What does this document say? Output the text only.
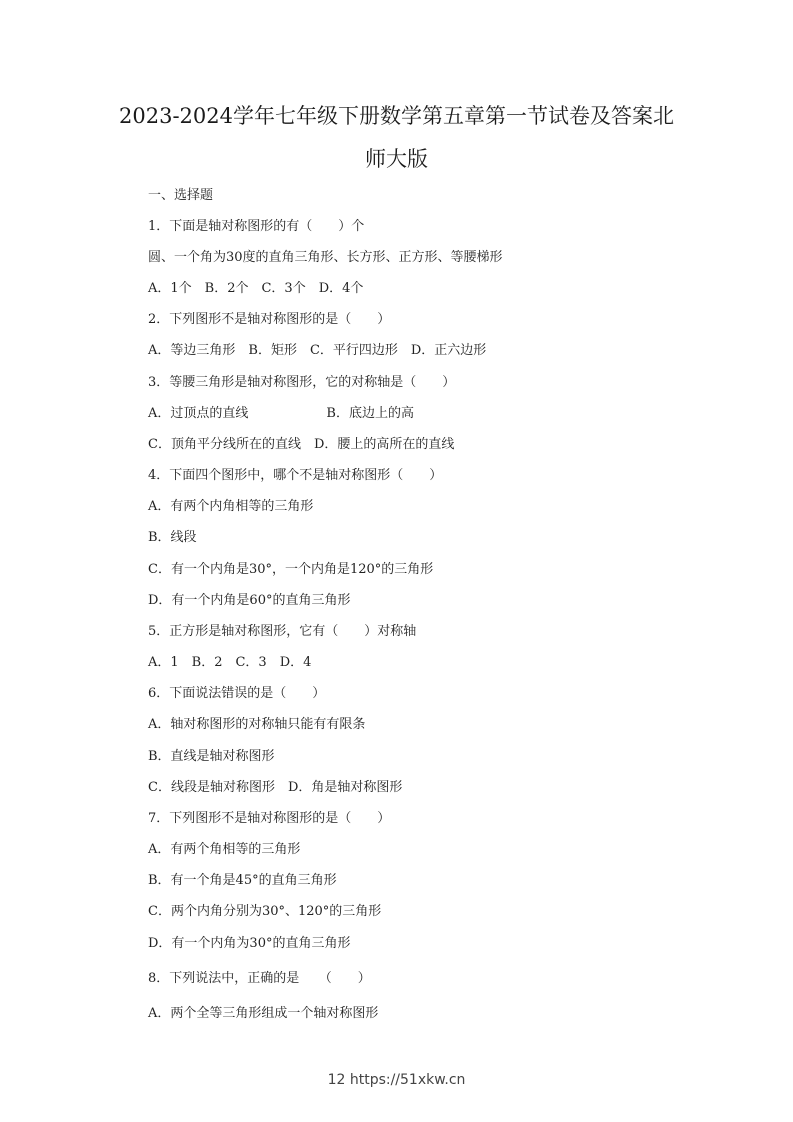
2023-2024学年七年级下册数学第五章第一节试卷及答案北
师大版
一、选择题
1．下面是轴对称图形的有（　　）个
圆、一个角为30度的直角三角形、长方形、正方形、等腰梯形
A．1个　B．2个　C．3个　D．4个
2．下列图形不是轴对称图形的是（　　）
A．等边三角形　B．矩形　C．平行四边形　D．正六边形
3．等腰三角形是轴对称图形，它的对称轴是（　　）
A．过顶点的直线　　　　　　B．底边上的高
C．顶角平分线所在的直线　D．腰上的高所在的直线
4．下面四个图形中，哪个不是轴对称图形（　　）
A．有两个内角相等的三角形
B．线段
C．有一个内角是30°，一个内角是120°的三角形
D．有一个内角是60°的直角三角形
5．正方形是轴对称图形，它有（　　）对称轴
A．1　B．2　C．3　D．4
6．下面说法错误的是（　　）
A．轴对称图形的对称轴只能有有限条
B．直线是轴对称图形
C．线段是轴对称图形　D．角是轴对称图形
7．下列图形不是轴对称图形的是（　　）
A．有两个角相等的三角形
B．有一个角是45°的直角三角形
C．两个内角分别为30°、120°的三角形
D．有一个内角为30°的直角三角形
8．下列说法中，正确的是　　（　　）
A．两个全等三角形组成一个轴对称图形
12 https://51xkw.cn
